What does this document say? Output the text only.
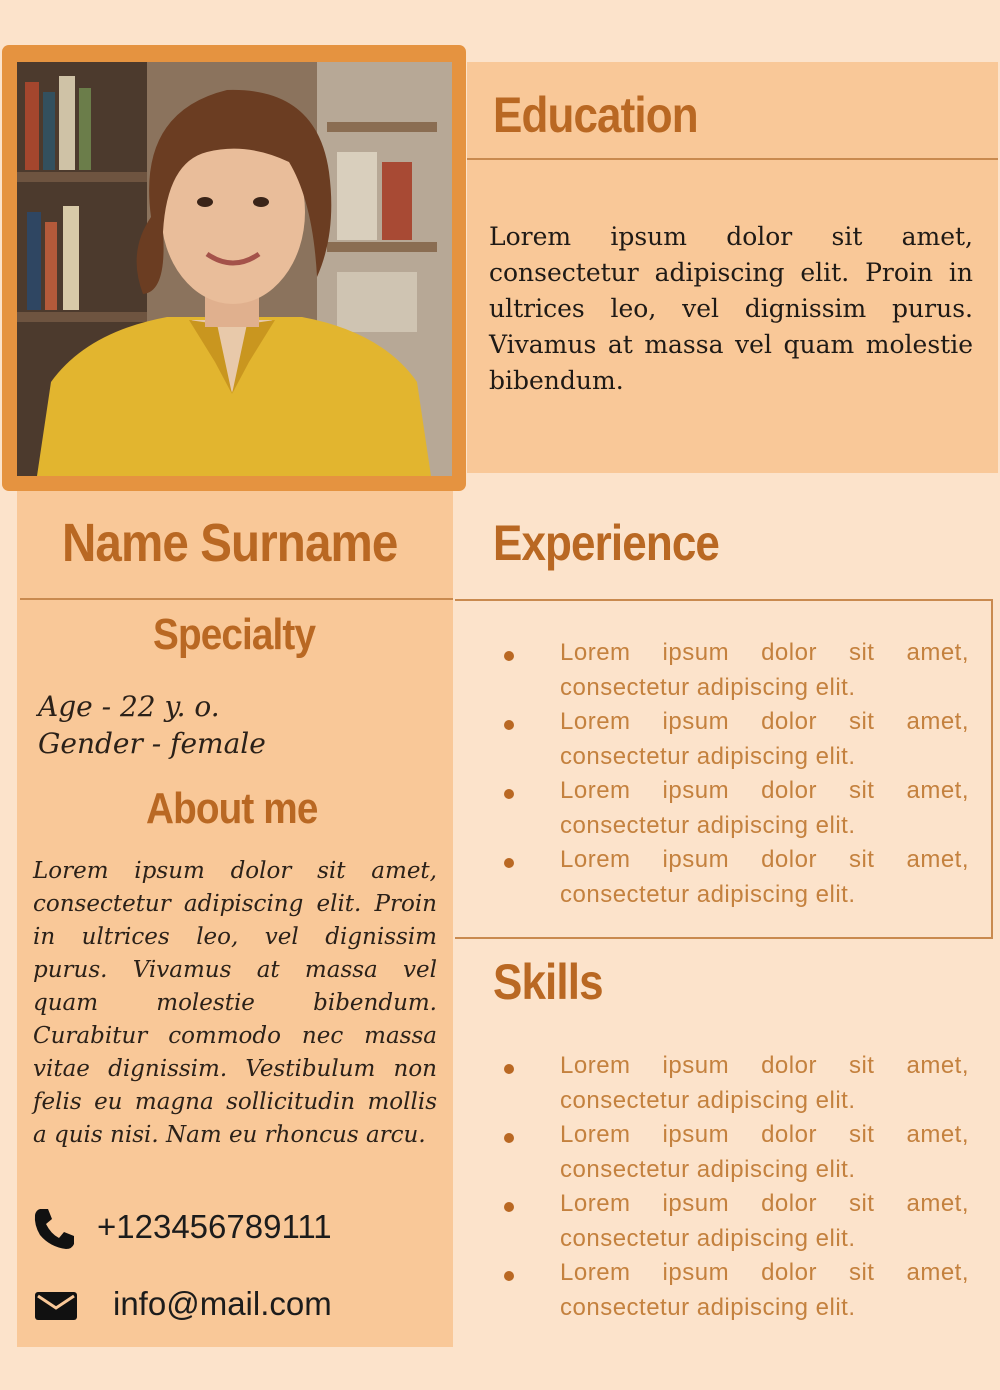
Name Surname
Specialty
Age - 22 y. o.
Gender - female
About me

Lorem ipsum dolor sit amet, consectetur adipiscing elit. Proin in ultrices leo, vel dignissim purus. Vivamus at massa vel quam molestie bibendum. Curabitur commodo nec massa vitae dignissim. Vestibulum non felis eu magna sollicitudin mollis a quis nisi. Nam eu rhoncus arcu.

+123456789111
info@mail.com
Education

Lorem ipsum dolor sit amet, consectetur adipiscing elit. Proin in ultrices leo, vel dignissim purus. Vivamus at massa vel quam molestie bibendum.

Experience
Lorem ipsum dolor sit amet, consectetur adipiscing elit.
Lorem ipsum dolor sit amet, consectetur adipiscing elit.
Lorem ipsum dolor sit amet, consectetur adipiscing elit.
Lorem ipsum dolor sit amet, consectetur adipiscing elit.
Skills
Lorem ipsum dolor sit amet, consectetur adipiscing elit.
Lorem ipsum dolor sit amet, consectetur adipiscing elit.
Lorem ipsum dolor sit amet, consectetur adipiscing elit.
Lorem ipsum dolor sit amet, consectetur adipiscing elit.
